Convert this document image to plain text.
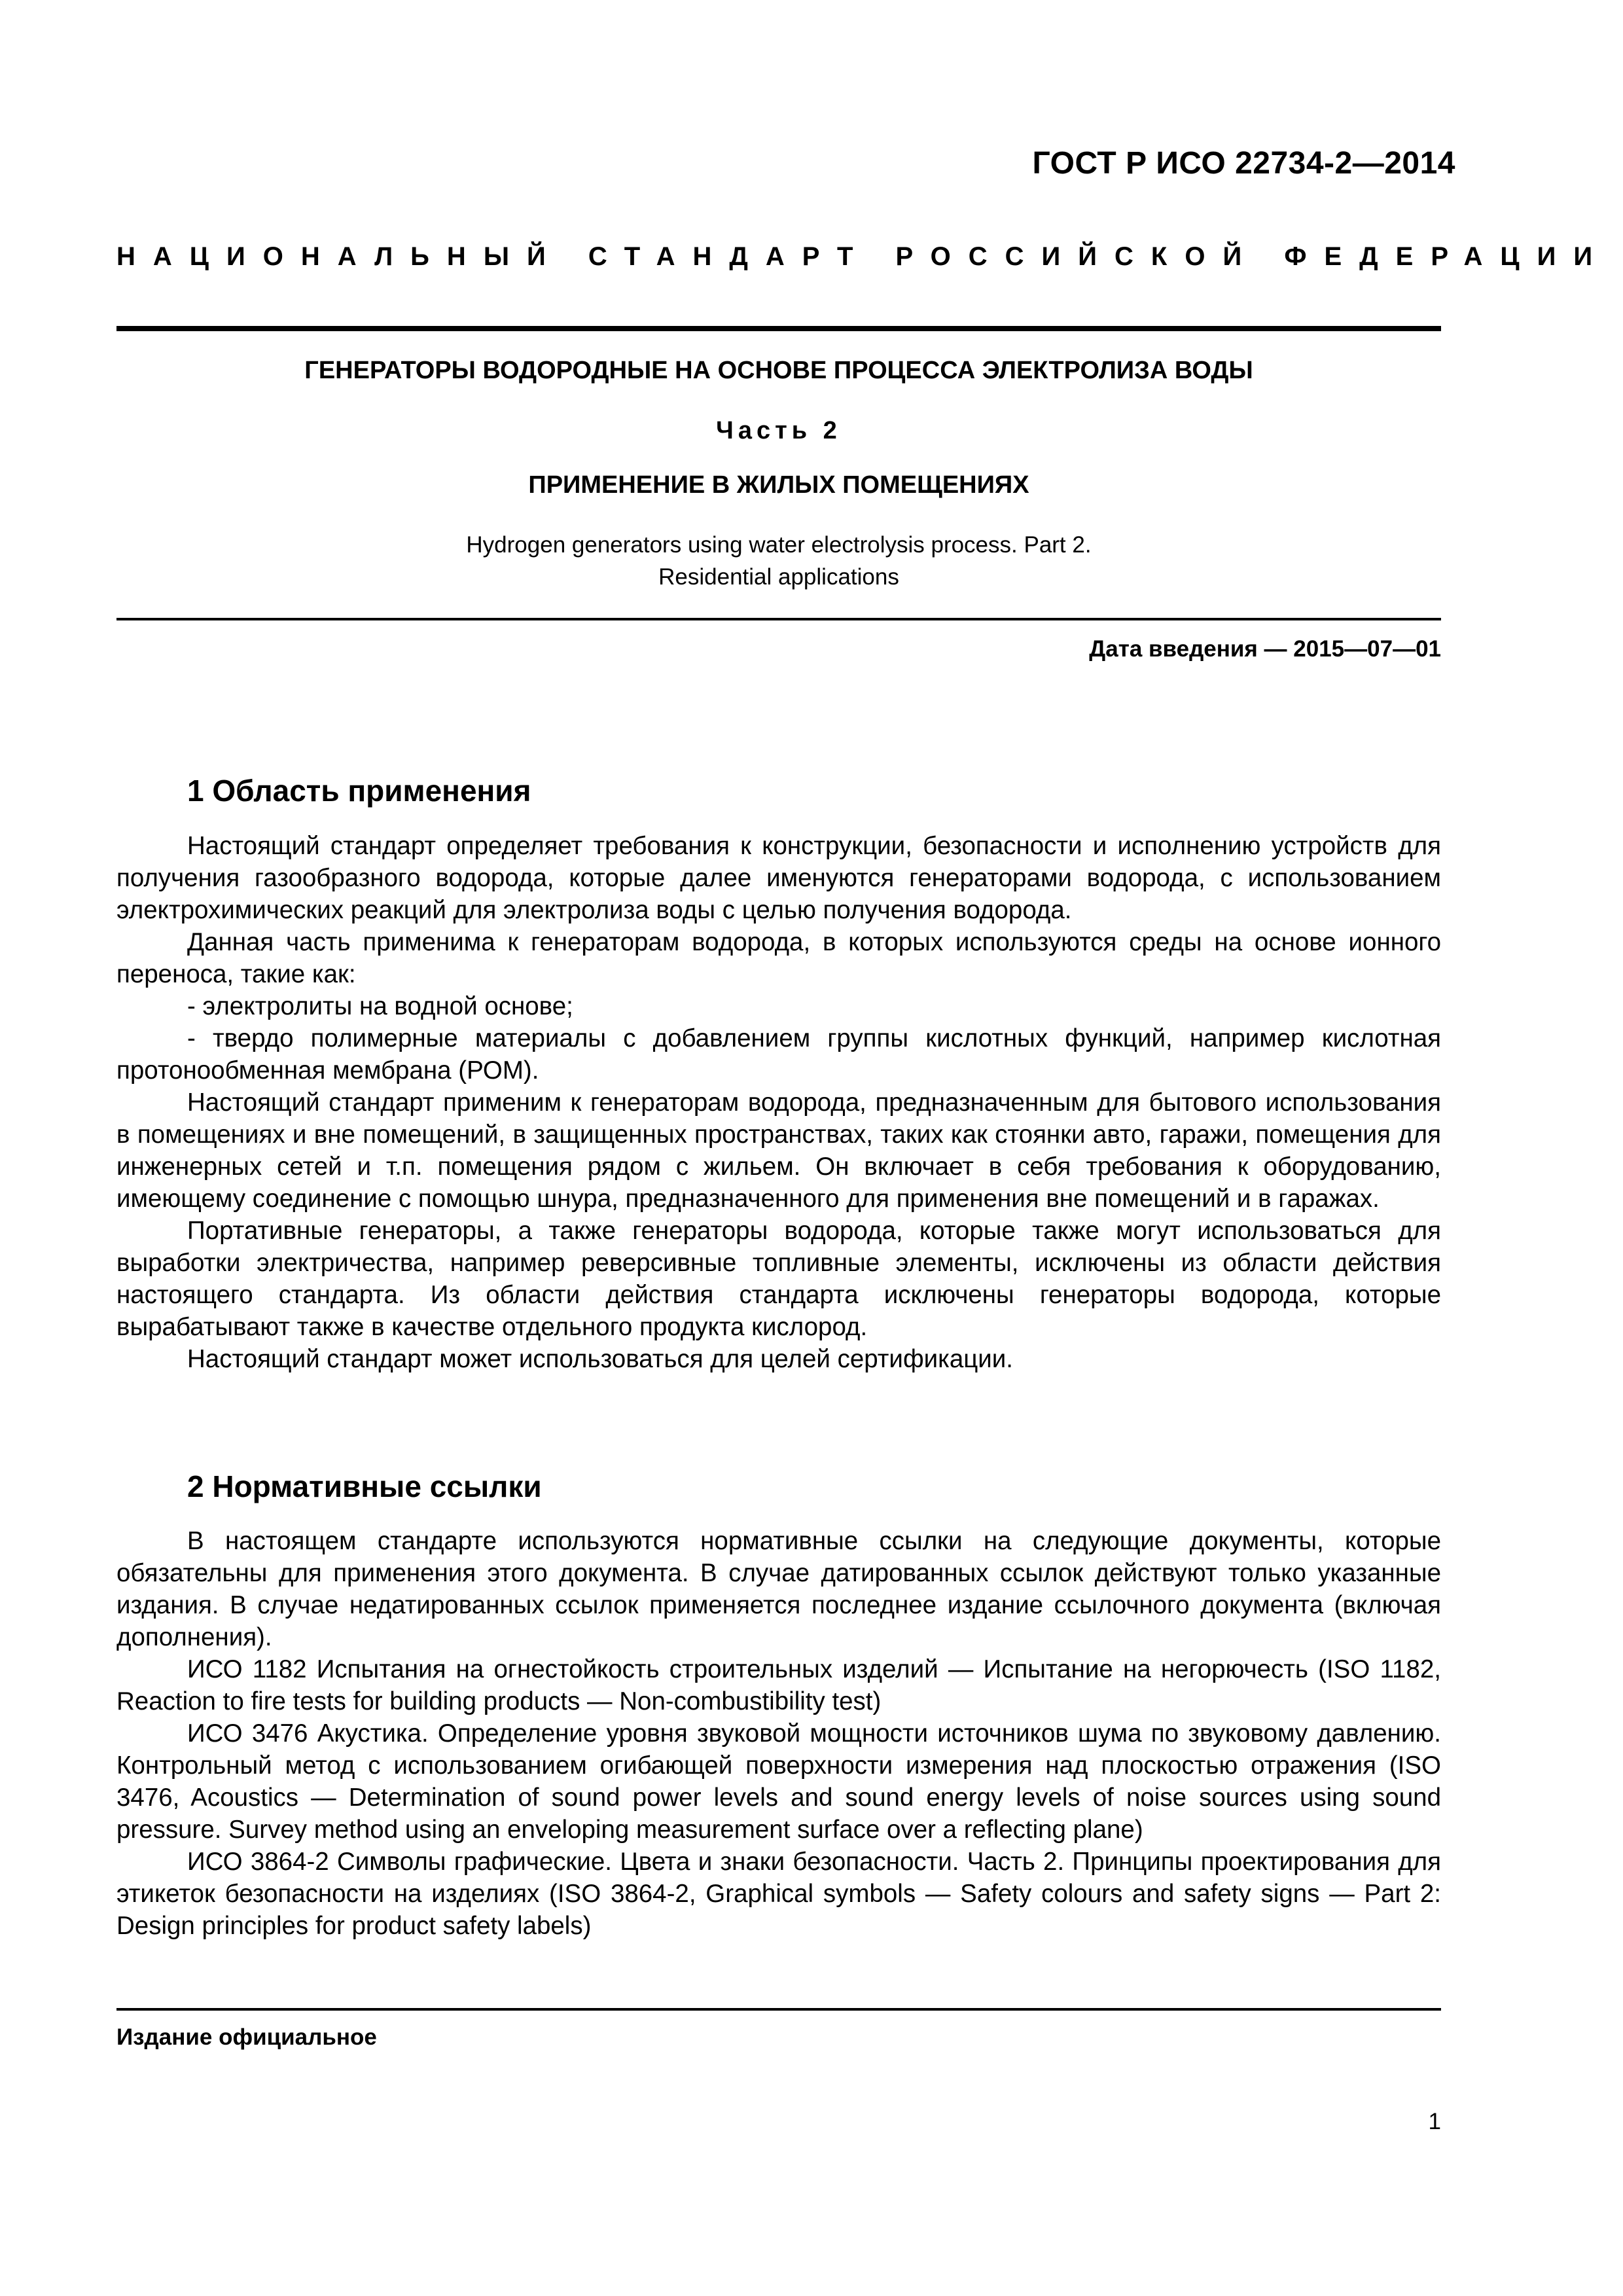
ГОСТ Р ИСО 22734-2—2014
НАЦИОНАЛЬНЫЙ СТАНДАРТ РОССИЙСКОЙ ФЕДЕРАЦИИ
ГЕНЕРАТОРЫ ВОДОРОДНЫЕ НА ОСНОВЕ ПРОЦЕССА ЭЛЕКТРОЛИЗА ВОДЫ
Часть 2
ПРИМЕНЕНИЕ В ЖИЛЫХ ПОМЕЩЕНИЯХ
Hydrogen generators using water electrolysis process. Part 2.
Residential applications
Дата введения — 2015—07—01
1 Область применения

Настоящий стандарт определяет требования к конструкции, безопасности и исполнению устройств для получения газообразного водорода, которые далее именуются генераторами водорода, с использованием электрохимических реакций для электролиза воды с целью получения водорода.

Данная часть применима к генераторам водорода, в которых используются среды на основе ионного переноса, такие как:

- электролиты на водной основе;

- твердо полимерные материалы с добавлением группы кислотных функций, например кислотная протонообменная мембрана (РОМ).

Настоящий стандарт применим к генераторам водорода, предназначенным для бытового использования в помещениях и вне помещений, в защищенных пространствах, таких как стоянки авто, гаражи, помещения для инженерных сетей и т.п. помещения рядом с жильем. Он включает в себя требования к оборудованию, имеющему соединение с помощью шнура, предназначенного для применения вне помещений и в гаражах.

Портативные генераторы, а также генераторы водорода, которые также могут использоваться для выработки электричества, например реверсивные топливные элементы, исключены из области действия настоящего стандарта. Из области действия стандарта исключены генераторы водорода, которые вырабатывают также в качестве отдельного продукта кислород.

Настоящий стандарт может использоваться для целей сертификации.

2 Нормативные ссылки

В настоящем стандарте используются нормативные ссылки на следующие документы, которые обязательны для применения этого документа. В случае датированных ссылок действуют только указанные издания. В случае недатированных ссылок применяется последнее издание ссылочного документа (включая дополнения).

ИСО 1182 Испытания на огнестойкость строительных изделий — Испытание на негорючесть (ISO 1182, Reaction to fire tests for building products — Non-combustibility test)

ИСО 3476 Акустика. Определение уровня звуковой мощности источников шума по звуковому давлению. Контрольный метод с использованием огибающей поверхности измерения над плоскостью отражения (ISO 3476, Acoustics — Determination of sound power levels and sound energy levels of noise sources using sound pressure. Survey method using an enveloping measurement surface over a reflecting plane)

ИСО 3864-2 Символы графические. Цвета и знаки безопасности. Часть 2. Принципы проектирования для этикеток безопасности на изделиях (ISO 3864-2, Graphical symbols — Safety colours and safety signs — Part 2: Design principles for product safety labels)

Издание официальное
1
